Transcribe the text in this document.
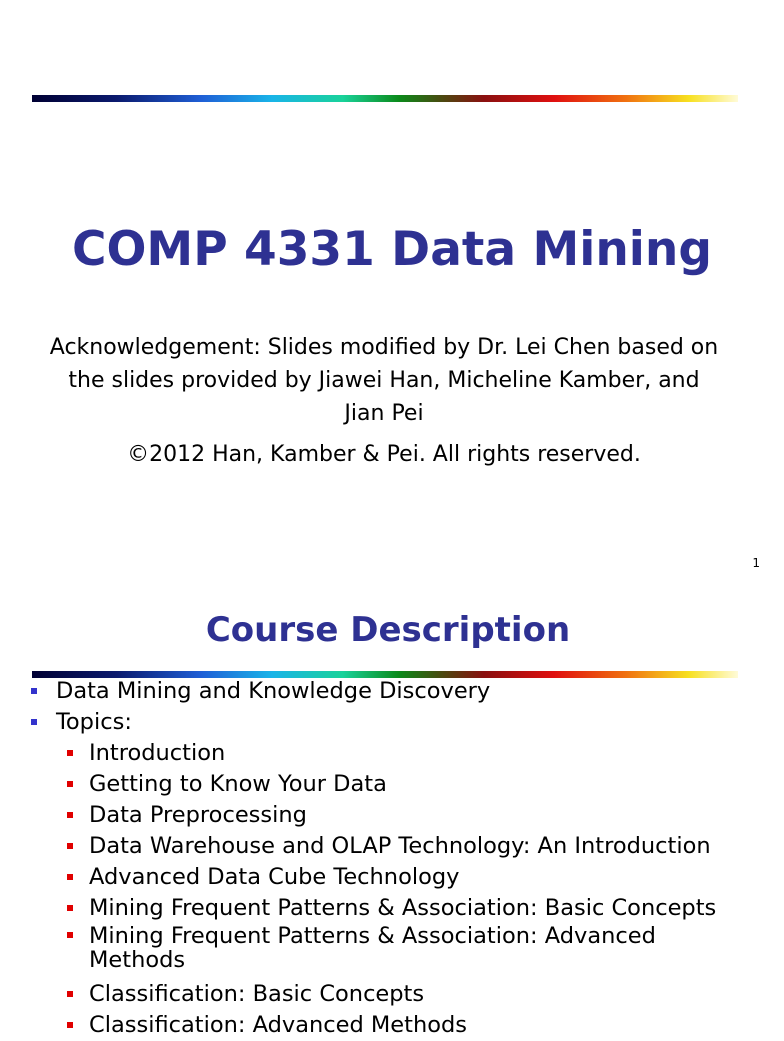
COMP 4331 Data Mining
Acknowledgement: Slides modified by Dr. Lei Chen based on
the slides provided by Jiawei Han, Micheline Kamber, and
Jian Pei
©2012 Han, Kamber & Pei. All rights reserved.
1
Course Description
Data Mining and Knowledge Discovery
Topics:
Introduction
Getting to Know Your Data
Data Preprocessing
Data Warehouse and OLAP Technology: An Introduction
Advanced Data Cube Technology
Mining Frequent Patterns & Association: Basic Concepts
Mining Frequent Patterns & Association: Advanced Methods
Classification: Basic Concepts
Classification: Advanced Methods
